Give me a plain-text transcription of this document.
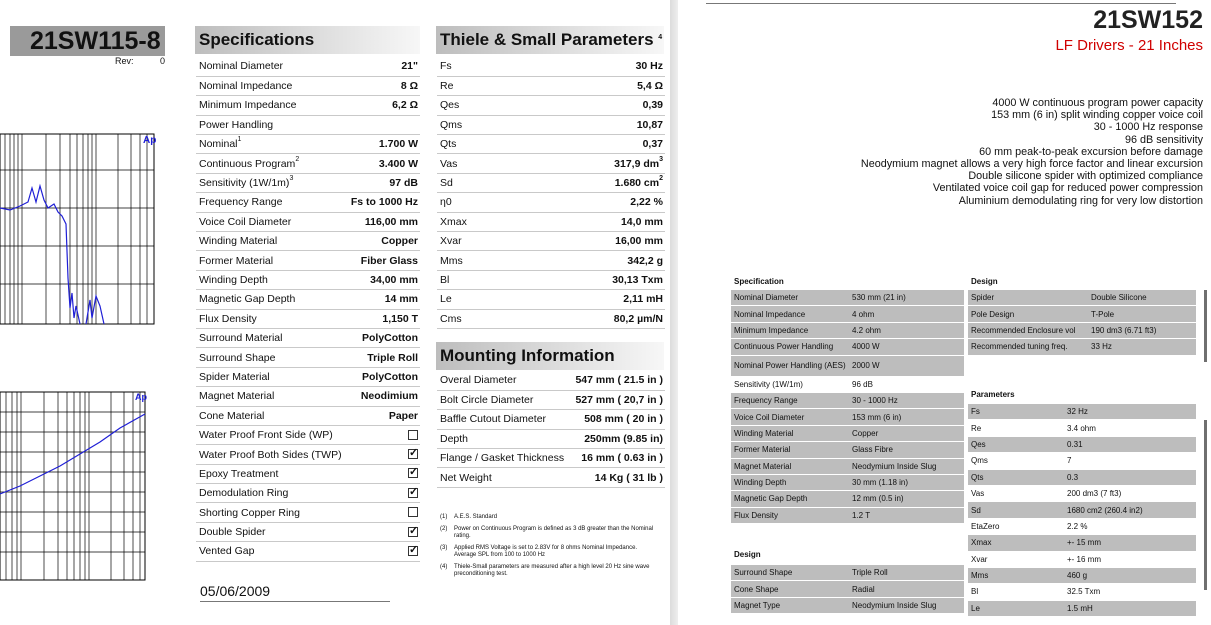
21SW115-8
Rev:	0
Ap
Ap
Specifications
Nominal Diameter	21"
Nominal Impedance	8 Ω
Minimum Impedance	6,2 Ω
Power Handling	
Nominal$^1$	1.700 W
Continuous Program$^2$	3.400 W
Sensitivity $(1W/1m)^3$	97 dB
Frequency Range	Fs to 1000 Hz
Voice Coil Diameter	116,00 mm
Winding Material	Copper
Former Material	Fiber Glass
Winding Depth	34,00 mm
Magnetic Gap Depth	14 mm
Flux Density	1,150 T
Surround Material	PolyCotton
Surround Shape	Triple Roll
Spider Material	PolyCotton
Magnet Material	Neodimium
Cone Material	Paper
Water Proof Front Side (WP)	
Water Proof Both Sides (TWP)	✓
Epoxy Treatment	✓
Demodulation Ring	✓
Shorting Copper Ring	
Double Spider	✓
Vented Gap	✓
05/06/2009
Thiele & Small Parameters $^4$
Fs	30 Hz
Re	5,4 Ω
Qes	0,39
Qms	10,87
Qts	0,37
Vas	317,9 $dm^3$
Sd	1.680 $cm^2$
η0	2,22 %
Xmax	14,0 mm
Xvar	16,00 mm
Mms	342,2 g
Bl	30,13 Txm
Le	2,11 mH
Cms	80,2 µm/N
Mounting Information
Overal Diameter	547 mm ( 21.5 in )
Bolt Circle Diameter	527 mm ( 20,7 in )
Baffle Cutout Diameter	508 mm ( 20 in )
Depth	250mm (9.85 in)
Flange / Gasket Thickness	16 mm ( 0.63 in )
Net Weight	14 Kg ( 31 lb )
(1)	A.E.S. Standard
(2)	Power on Continuous Program is defined as 3 dB greater than the Nominal rating.
(3)	Applied RMS Voltage is set to 2.83V for 8 ohms Nominal Impedance. Average SPL from 100 to 1000 Hz
(4)	Thiele-Small parameters are measured after a high level 20 Hz sine wave preconditioning test.
21SW152
LF Drivers - 21 Inches
4000 W continuous program power capacity
153 mm (6 in) split winding copper voice coil
30 - 1000 Hz response
96 dB sensitivity
60 mm peak-to-peak excursion before damage
Neodymium magnet allows a very high force factor and linear excursion
Double silicone spider with optimized compliance
Ventilated voice coil gap for reduced power compression
Aluminium demodulating ring for very low distortion
Specification
Nominal Diameter	530 mm (21 in)
Nominal Impedance	4 ohm
Minimum Impedance	4.2 ohm
Continuous Power Handling	4000 W
Nominal Power Handling (AES) 2000 W
Sensitivity (1W/1m)	96 dB
Frequency Range	30 - 1000 Hz
Voice Coil Diameter	153 mm (6 in)
Winding Material	Copper
Former Material	Glass Fibre
Magnet Material	Neodymium Inside Slug
Winding Depth	30 mm (1.18 in)
Magnetic Gap Depth	12 mm (0.5 in)
Flux Density	1.2 T
Design
Surround Shape	Triple Roll
Cone Shape	Radial
Magnet Type	Neodymium Inside Slug
Design
Spider	Double Silicone
Pole Design	T-Pole
Recommended Enclosure vol	190 dm3 (6.71 ft3)
Recommended tuning freq.	33 Hz
Parameters
Fs	32 Hz
Re	3.4 ohm
Qes	0.31
Qms	7
Qts	0.3
Vas	200 dm3 (7 ft3)
Sd	1680 cm2 (260.4 in2)
EtaZero	2.2 %
Xmax	+- 15 mm
Xvar	+- 16 mm
Mms	460 g
Bl	32.5 Txm
Le	1.5 mH
